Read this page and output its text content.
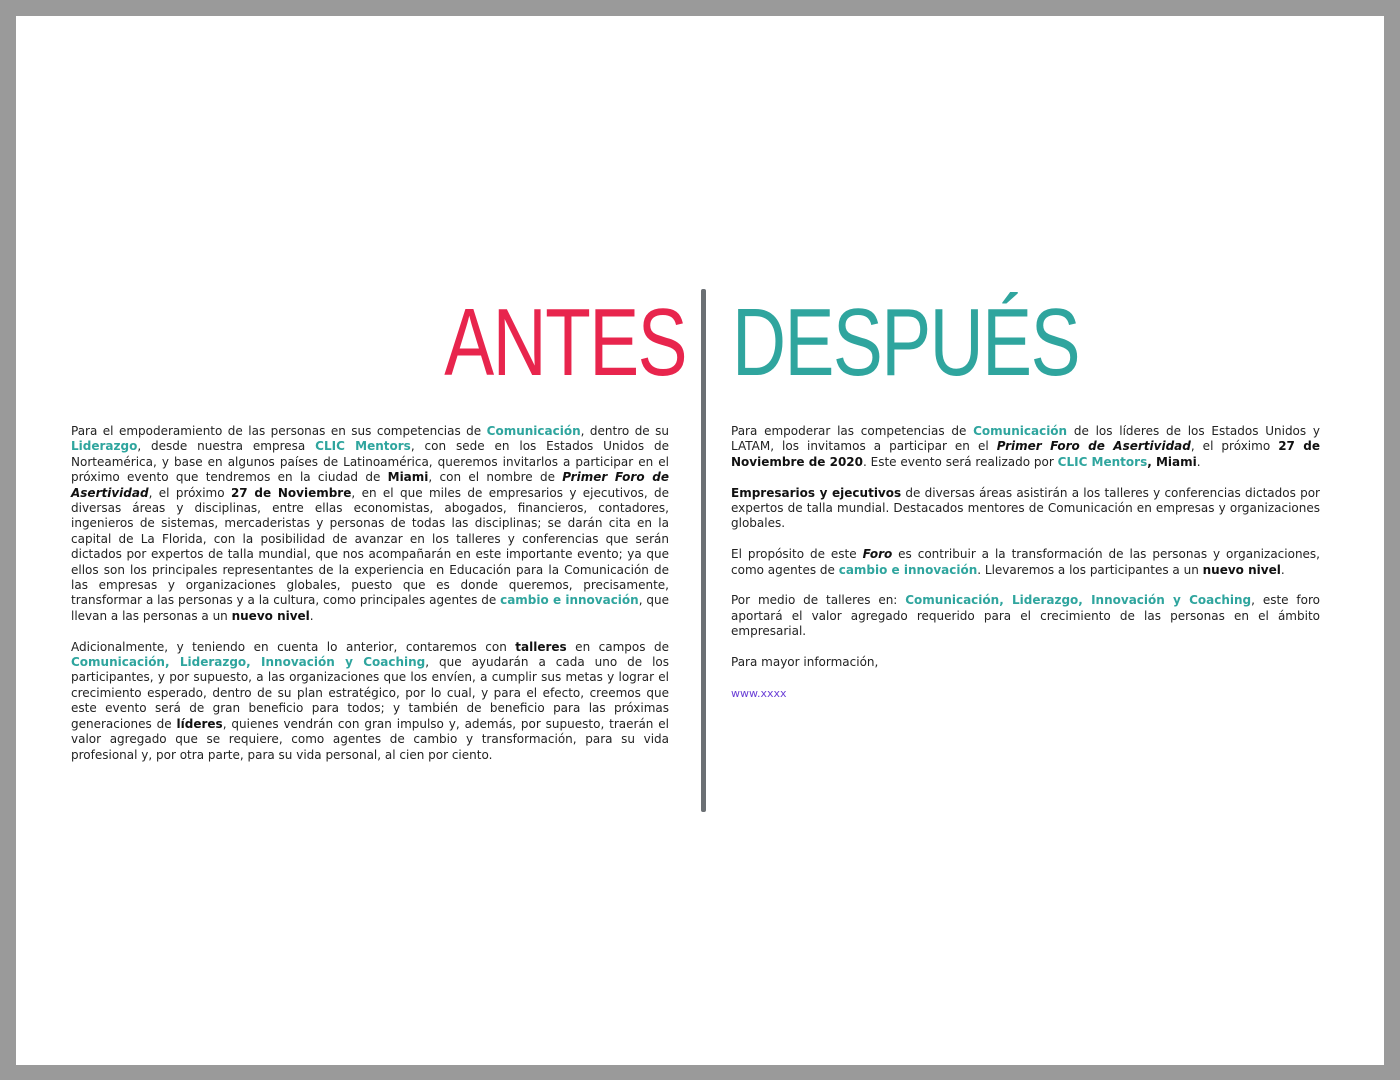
ANTES DESPUÉS

Para el empoderamiento de las personas en sus competencias de Comunicación, dentro de su Liderazgo, desde nuestra empresa CLIC Mentors, con sede en los Estados Unidos de Norteamérica, y base en algunos países de Latinoamérica, queremos invitarlos a participar en el próximo evento que tendremos en la ciudad de Miami, con el nombre de Primer Foro de Asertividad, el próximo 27 de Noviembre, en el que miles de empresarios y ejecutivos, de diversas áreas y disciplinas, entre ellas economistas, abogados, financieros, contadores, ingenieros de sistemas, mercaderistas y personas de todas las disciplinas; se darán cita en la capital de La Florida, con la posibilidad de avanzar en los talleres y conferencias que serán dictados por expertos de talla mundial, que nos acompañarán en este importante evento; ya que ellos son los principales representantes de la experiencia en Educación para la Comunicación de las empresas y organizaciones globales, puesto que es donde queremos, precisamente, transformar a las personas y a la cultura, como principales agentes de cambio e innovación, que llevan a las personas a un nuevo nivel.

Adicionalmente, y teniendo en cuenta lo anterior, contaremos con talleres en campos de Comunicación, Liderazgo, Innovación y Coaching, que ayudarán a cada uno de los participantes, y por supuesto, a las organizaciones que los envíen, a cumplir sus metas y lograr el crecimiento esperado, dentro de su plan estratégico, por lo cual, y para el efecto, creemos que este evento será de gran beneficio para todos; y también de beneficio para las próximas generaciones de líderes, quienes vendrán con gran impulso y, además, por supuesto, traerán el valor agregado que se requiere, como agentes de cambio y transformación, para su vida profesional y, por otra parte, para su vida personal, al cien por ciento.

Para empoderar las competencias de Comunicación de los líderes de los Estados Unidos y LATAM, los invitamos a participar en el Primer Foro de Asertividad, el próximo 27 de Noviembre de 2020. Este evento será realizado por CLIC Mentors, Miami.

Empresarios y ejecutivos de diversas áreas asistirán a los talleres y conferencias dictados por expertos de talla mundial. Destacados mentores de Comunicación en empresas y organizaciones globales.

El propósito de este Foro es contribuir a la transformación de las personas y organizaciones, como agentes de cambio e innovación. Llevaremos a los participantes a un nuevo nivel.

Por medio de talleres en: Comunicación, Liderazgo, Innovación y Coaching, este foro aportará el valor agregado requerido para el crecimiento de las personas en el ámbito empresarial.

Para mayor información,

www.xxxx
